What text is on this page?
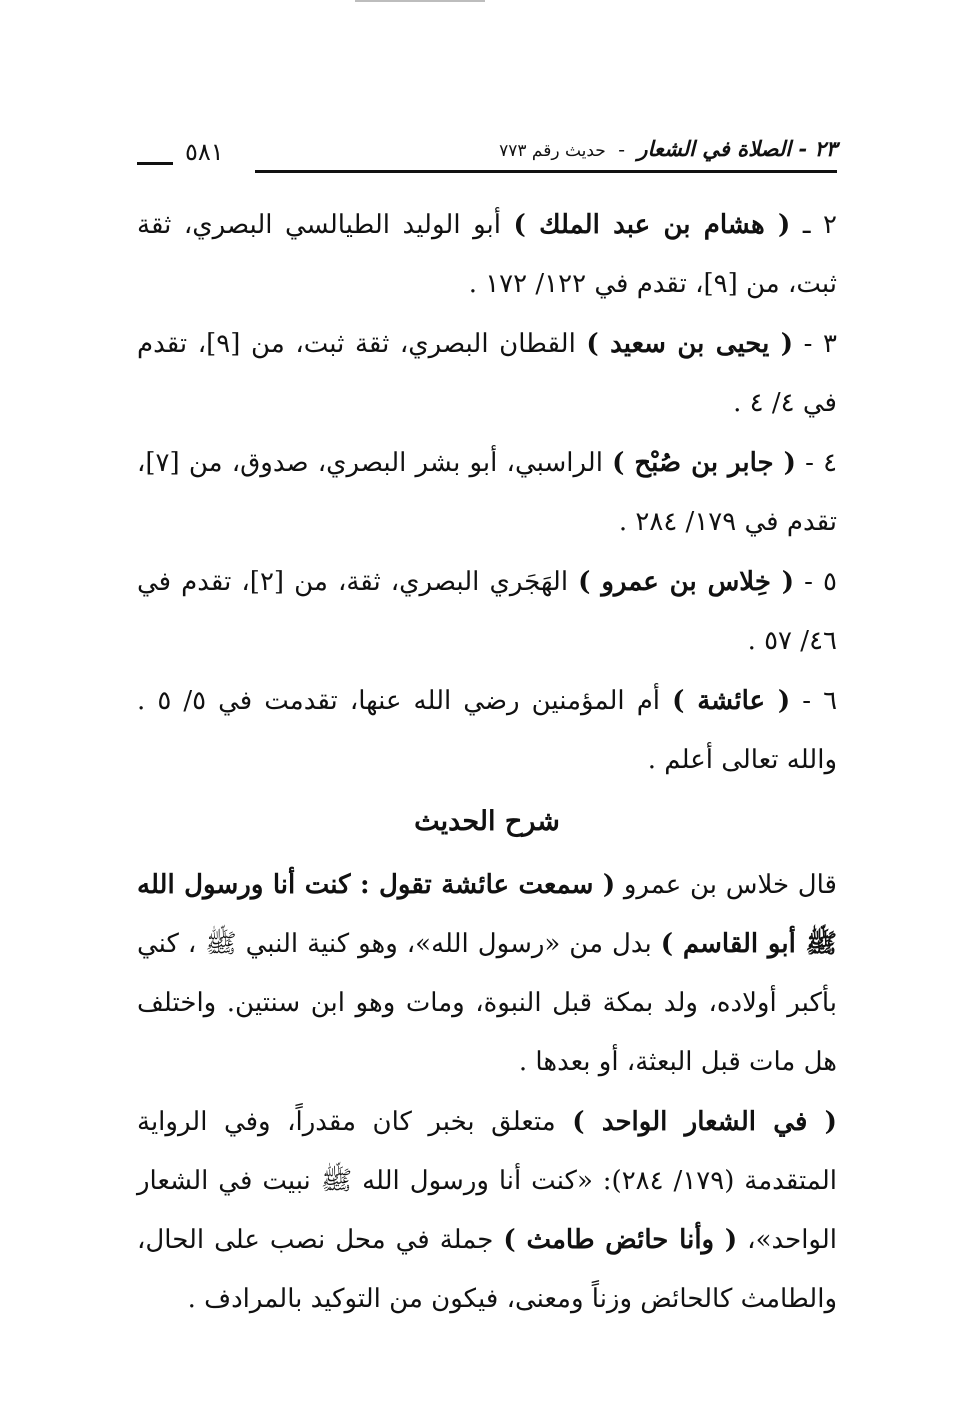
٢٣ - الصلاة في الشعار - حديث رقم ٧٧٣
٥٨١

٢ ـ ( هشام بن عبد الملك ) أبو الوليد الطيالسي البصري، ثقة ثبت، من [٩]، تقدم في ١٢٢/ ١٧٢ .

٣ - ( يحيى بن سعيد ) القطان البصري، ثقة ثبت، من [٩]، تقدم في ٤/ ٤ .

٤ - ( جابر بن صُبْح ) الراسبي، أبو بشر البصري، صدوق، من [٧]، تقدم في ١٧٩/ ٢٨٤ .

٥ - ( خِلاس بن عمرو ) الهَجَري البصري، ثقة، من [٢]، تقدم في ٤٦/ ٥٧ .

٦ - ( عائشة ) أم المؤمنين رضي الله عنها، تقدمت في ٥/ ٥ . والله تعالى أعلم .

شرح الحديث

قال خلاس بن عمرو ( سمعت عائشة تقول : كنت أنا ورسول الله ﷺ أبو القاسم ) بدل من «رسول الله»، وهو كنية النبي ﷺ ، كني بأكبر أولاده، ولد بمكة قبل النبوة، ومات وهو ابن سنتين. واختلف هل مات قبل البعثة، أو بعدها .

( في الشعار الواحد ) متعلق بخبر كان مقدراً، وفي الرواية المتقدمة (١٧٩/ ٢٨٤): «كنت أنا ورسول الله ﷺ نبيت في الشعار الواحد»، ( وأنا حائض طامث ) جملة في محل نصب على الحال، والطامث كالحائض وزناً ومعنى، فيكون من التوكيد بالمرادف .
